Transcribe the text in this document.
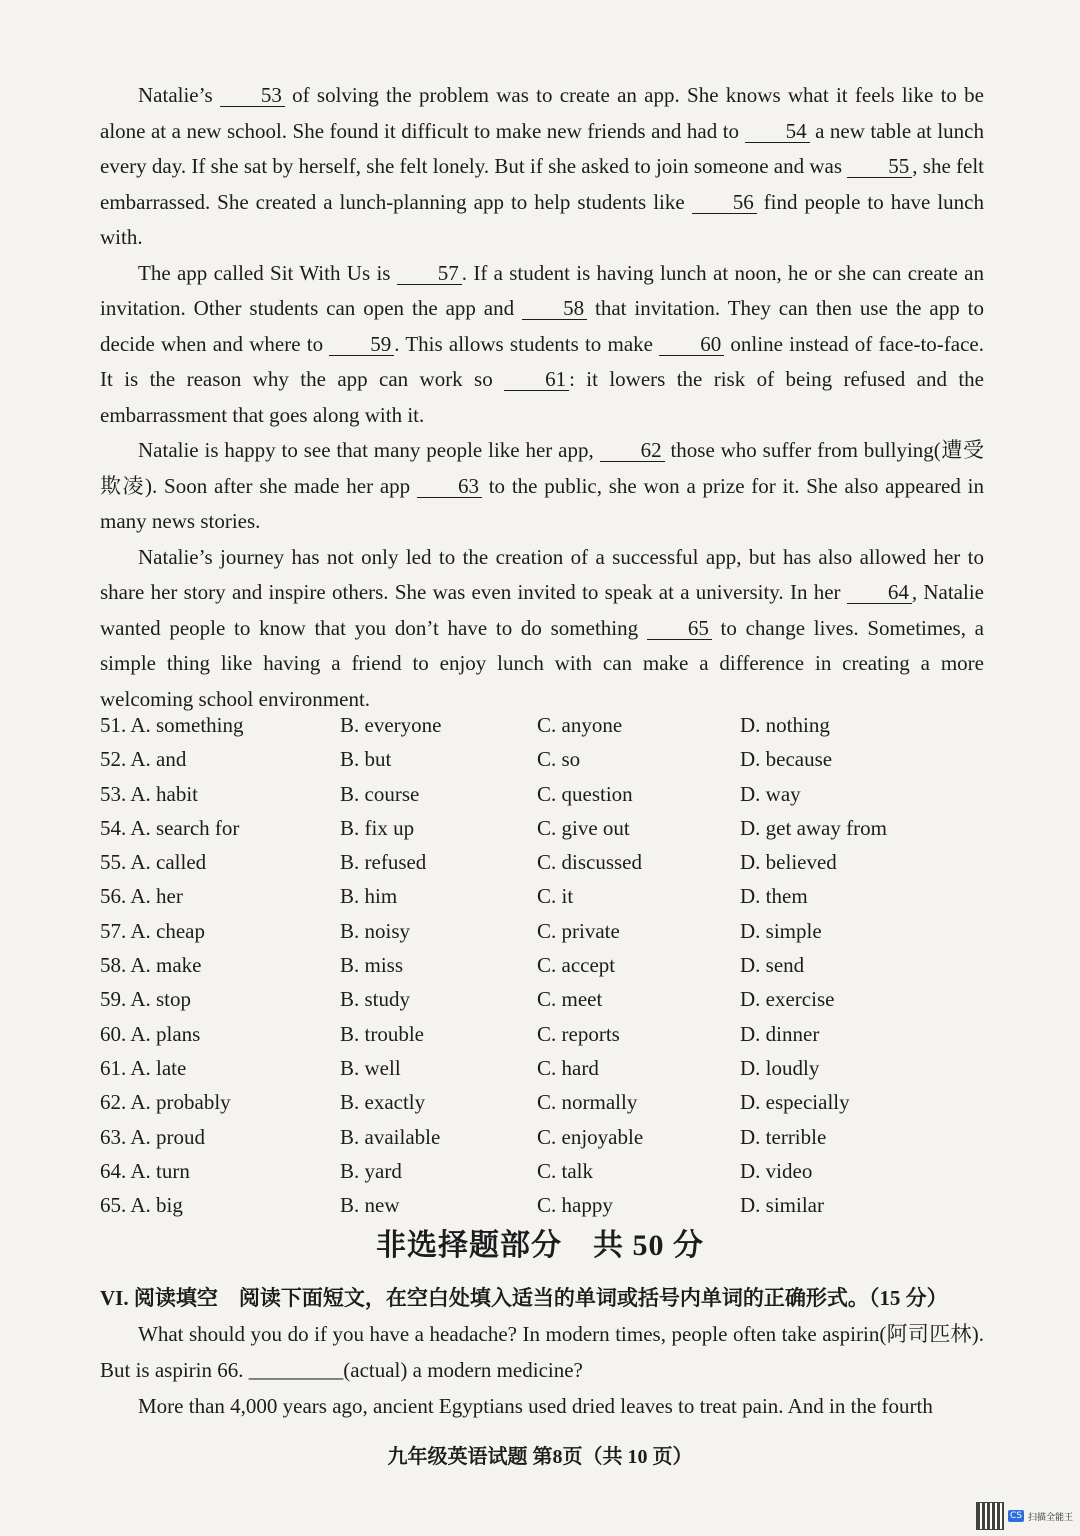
Natalie’s 53 of solving the problem was to create an app. She knows what it feels like to be alone at a new school. She found it difficult to make new friends and had to 54 a new table at lunch every day. If she sat by herself, she felt lonely. But if she asked to join someone and was 55 , she felt embarrassed. She created a lunch-planning app to help students like 56 find people to have lunch with.

The app called Sit With Us is 57 . If a student is having lunch at noon, he or she can create an invitation. Other students can open the app and 58 that invitation. They can then use the app to decide when and where to 59 . This allows students to make 60 online instead of face-to-face. It is the reason why the app can work so 61 : it lowers the risk of being refused and the embarrassment that goes along with it.

Natalie is happy to see that many people like her app, 62 those who suffer from bullying(遭受欺凌). Soon after she made her app 63 to the public, she won a prize for it. She also appeared in many news stories.

Natalie’s journey has not only led to the creation of a successful app, but has also allowed her to share her story and inspire others. She was even invited to speak at a university. In her 64 , Natalie wanted people to know that you don’t have to do something 65 to change lives. Sometimes, a simple thing like having a friend to enjoy lunch with can make a difference in creating a more welcoming school environment.

51. A. something	B. everyone	C. anyone	D. nothing
52. A. and	B. but	C. so	D. because
53. A. habit	B. course	C. question	D. way
54. A. search for	B. fix up	C. give out	D. get away from
55. A. called	B. refused	C. discussed	D. believed
56. A. her	B. him	C. it	D. them
57. A. cheap	B. noisy	C. private	D. simple
58. A. make	B. miss	C. accept	D. send
59. A. stop	B. study	C. meet	D. exercise
60. A. plans	B. trouble	C. reports	D. dinner
61. A. late	B. well	C. hard	D. loudly
62. A. probably	B. exactly	C. normally	D. especially
63. A. proud	B. available	C. enjoyable	D. terrible
64. A. turn	B. yard	C. talk	D. video
65. A. big	B. new	C. happy	D. similar
非选择题部分　共 50 分
VI. 阅读填空　阅读下面短文，在空白处填入适当的单词或括号内单词的正确形式。（15 分）

What should you do if you have a headache? In modern times, people often take aspirin(阿司匹林). But is aspirin 66. _________(actual) a modern medicine?

More than 4,000 years ago, ancient Egyptians used dried leaves to treat pain. And in the fourth

九年级英语试题 第8页（共 10 页）
CS 扫描全能王
